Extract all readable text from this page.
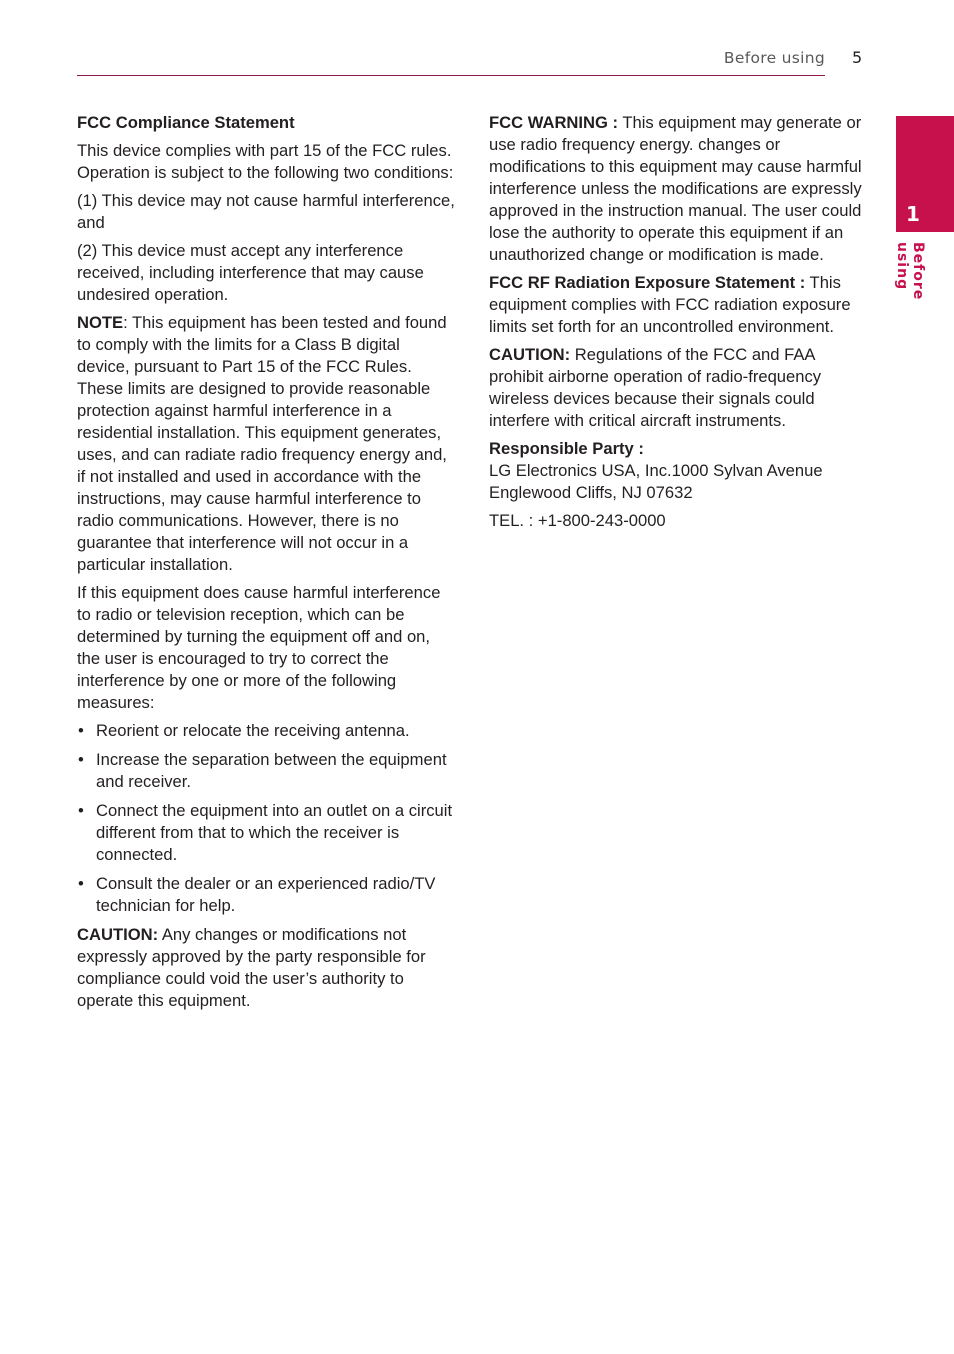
Before using 5
1
Before using

FCC Compliance Statement

This device complies with part 15 of the FCC rules. Operation is subject to the following two conditions:

(1) This device may not cause harmful interference, and

(2) This device must accept any interference received, including interference that may cause undesired operation.

NOTE: This equipment has been tested and found to comply with the limits for a Class B digital device, pursuant to Part 15 of the FCC Rules. These limits are designed to provide reasonable protection against harmful interference in a residential installation. This equipment generates, uses, and can radiate radio frequency energy and, if not installed and used in accordance with the instructions, may cause harmful interference to radio communications. However, there is no guarantee that interference will not occur in a particular installation.

If this equipment does cause harmful interference to radio or television reception, which can be determined by turning the equipment off and on, the user is encouraged to try to correct the interference by one or more of the following measures:

• Reorient or relocate the receiving antenna.
• Increase the separation between the equipment and receiver.
• Connect the equipment into an outlet on a circuit different from that to which the receiver is connected.
• Consult the dealer or an experienced radio/TV technician for help.

CAUTION: Any changes or modifications not expressly approved by the party responsible for compliance could void the user’s authority to operate this equipment.

FCC WARNING : This equipment may generate or use radio frequency energy. changes or modifications to this equipment may cause harmful interference unless the modifications are expressly approved in the instruction manual. The user could lose the authority to operate this equipment if an unauthorized change or modification is made.

FCC RF Radiation Exposure Statement : This equipment complies with FCC radiation exposure limits set forth for an uncontrolled environment.

CAUTION: Regulations of the FCC and FAA prohibit airborne operation of radio-frequency wireless devices because their signals could interfere with critical aircraft instruments.

Responsible Party :
LG Electronics USA, Inc.1000 Sylvan Avenue
Englewood Cliffs, NJ 07632

TEL. : +1-800-243-0000
